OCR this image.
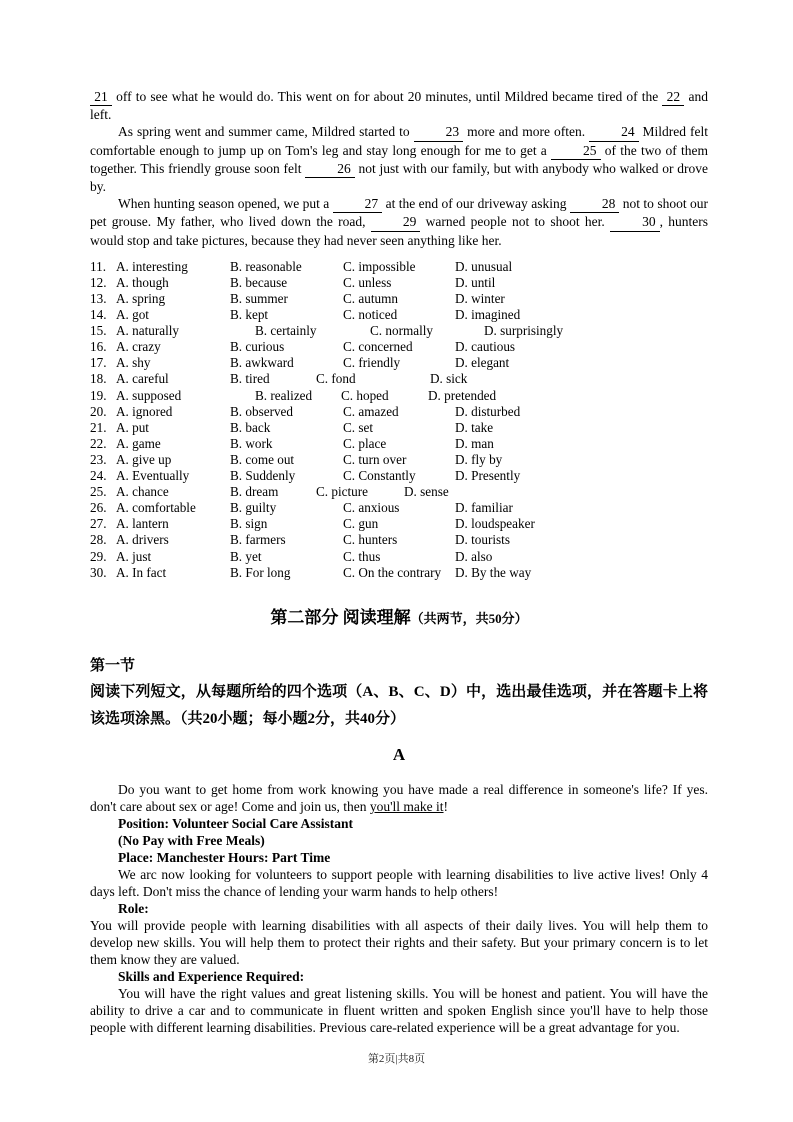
21 off to see what he would do. This went on for about 20 minutes, until Mildred became tired of the 22 and left.

As spring went and summer came, Mildred started to 23 more and more often. 24 Mildred felt comfortable enough to jump up on Tom's leg and stay long enough for me to get a 25 of the two of them together. This friendly grouse soon felt 26 not just with our family, but with anybody who walked or drove by.

When hunting season opened, we put a 27 at the end of our driveway asking 28 not to shoot our pet grouse. My father, who lived down the road, 29 warned people not to shoot her. 30 , hunters would stop and take pictures, because they had never seen anything like her.

11. A. interesting	B. reasonable	C. impossible	D. unusual
12. A. though	B. because	C. unless	D. until
13. A. spring	B. summer	C. autumn	D. winter
14. A. got	B. kept	C. noticed	D. imagined
15. A. naturally	B. certainly	C. normally	D. surprisingly
16. A. crazy	B. curious	C. concerned	D. cautious
17. A. shy	B. awkward	C. friendly	D. elegant
18. A. careful	B. tired	C. fond	D. sick
19. A. supposed	B. realized	C. hoped	D. pretended
20. A. ignored	B. observed	C. amazed	D. disturbed
21. A. put	B. back	C. set	D. take
22. A. game	B. work	C. place	D. man
23. A. give up	B. come out	C. turn over	D. fly by
24. A. Eventually	B. Suddenly	C. Constantly	D. Presently
25. A. chance	B. dream	C. picture	D. sense
26. A. comfortable	B. guilty	C. anxious	D. familiar
27. A. lantern	B. sign	C. gun	D. loudspeaker
28. A. drivers	B. farmers	C. hunters	D. tourists
29. A. just	B. yet	C. thus	D. also
30. A. In fact	B. For long	C. On the contrary	D. By the way
第二部分 阅读理解（共两节，共50分）
第一节
阅读下列短文，从每题所给的四个选项（A、B、C、D）中，选出最佳选项，并在答题卡上将该选项涂黑。（共20小题；每小题2分，共40分）
A

Do you want to get home from work knowing you have made a real difference in someone's life? If yes. don't care about sex or age! Come and join us, then you'll make it!

Position: Volunteer Social Care Assistant

(No Pay with Free Meals)

Place: Manchester Hours: Part Time

We arc now looking for volunteers to support people with learning disabilities to live active lives! Only 4 days left. Don't miss the chance of lending your warm hands to help others!

Role:

You will provide people with learning disabilities with all aspects of their daily lives. You will help them to develop new skills. You will help them to protect their rights and their safety. But your primary concern is to let them know they are valued.

Skills and Experience Required:

You will have the right values and great listening skills. You will be honest and patient. You will have the ability to drive a car and to communicate in fluent written and spoken English since you'll have to help those people with different learning disabilities. Previous care-related experience will be a great advantage for you.

第2页|共8页
